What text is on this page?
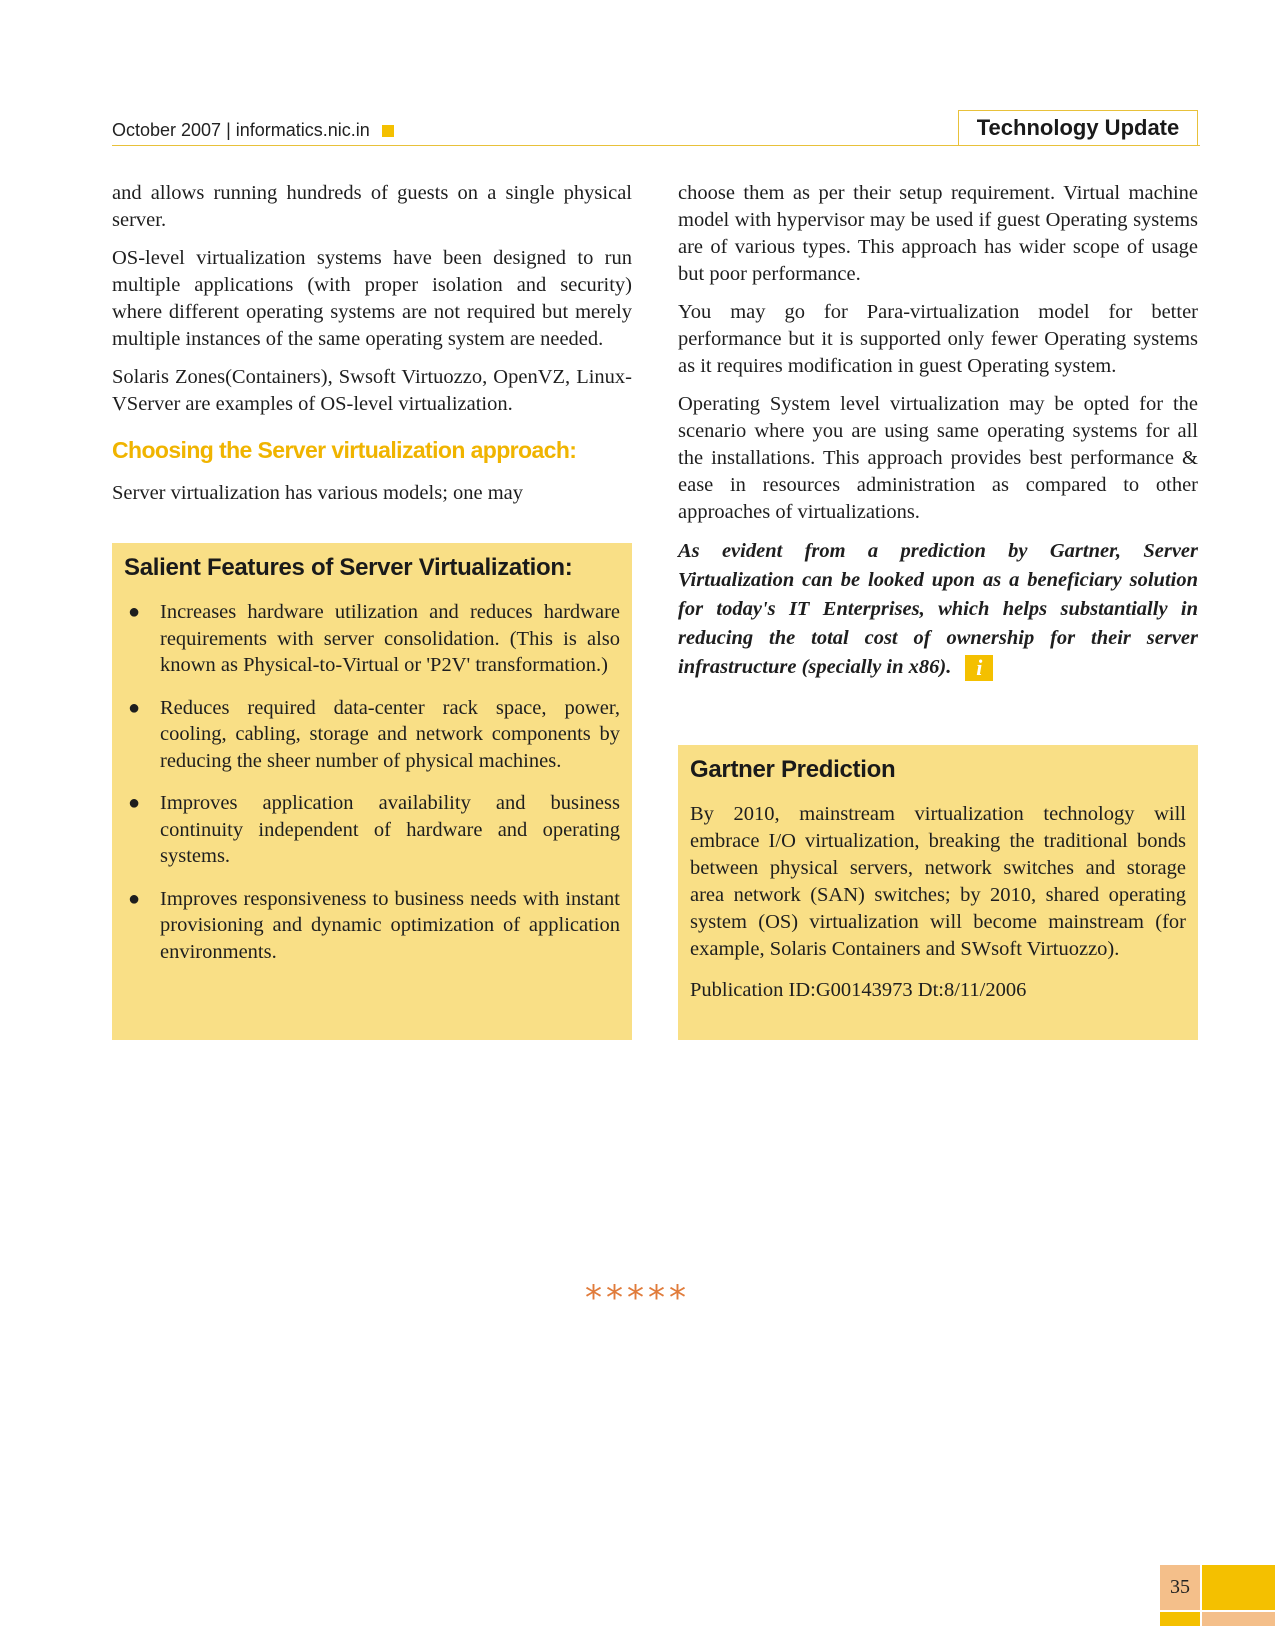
October 2007 | informatics.nic.in	Technology Update

and allows running hundreds of guests on a single physical server.

OS-level virtualization systems have been designed to run multiple applications (with proper isolation and security) where different operating systems are not required but merely multiple instances of the same operating system are needed.

Solaris Zones(Containers), Swsoft Virtuozzo, OpenVZ, Linux-VServer are examples of OS-level virtualization.

Choosing the Server virtualization approach:

Server virtualization has various models; one may

Salient Features of Server Virtualization:
● Increases hardware utilization and reduces hardware requirements with server consolidation. (This is also known as Physical-to-Virtual or 'P2V' transformation.)
● Reduces required data-center rack space, power, cooling, cabling, storage and network components by reducing the sheer number of physical machines.
● Improves application availability and business continuity independent of hardware and operating systems.
● Improves responsiveness to business needs with instant provisioning and dynamic optimization of application environments.

choose them as per their setup requirement. Virtual machine model with hypervisor may be used if guest Operating systems are of various types. This approach has wider scope of usage but poor performance.

You may go for Para-virtualization model for better performance but it is supported only fewer Operating systems as it requires modification in guest Operating system.

Operating System level virtualization may be opted for the scenario where you are using same operating systems for all the installations. This approach provides best performance & ease in resources administration as compared to other approaches of virtualizations.

As evident from a prediction by Gartner, Server Virtualization can be looked upon as a beneficiary solution for today's IT Enterprises, which helps substantially in reducing the total cost of ownership for their server infrastructure (specially in x86). i

Gartner Prediction

By 2010, mainstream virtualization technology will embrace I/O virtualization, breaking the traditional bonds between physical servers, network switches and storage area network (SAN) switches; by 2010, shared operating system (OS) virtualization will become mainstream (for example, Solaris Containers and SWsoft Virtuozzo).

Publication ID:G00143973 Dt:8/11/2006

*****
35
